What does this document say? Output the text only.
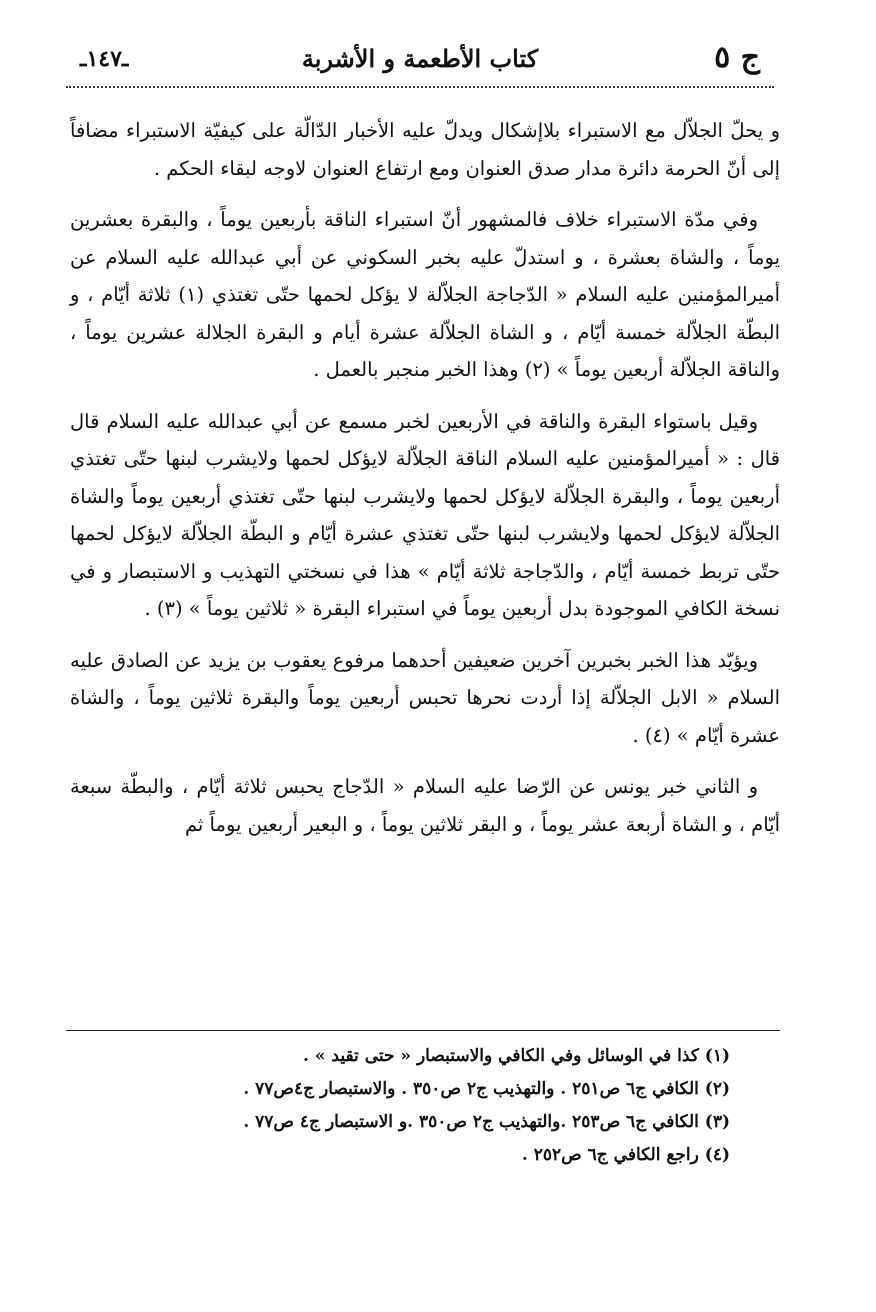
ج ٥
كتاب الأطعمة و الأشربة
ـ١٤٧ـ

و يحلّ الجلاّل مع الاستبراء بلاإشكال ويدلّ عليه الأخبار الدّالّة على كيفيّة الاستبراء مضافاً إلى أنّ الحرمة دائرة مدار صدق العنوان ومع ارتفاع العنوان لاوجه لبقاء الحكم .

وفي مدّة الاستبراء خلاف فالمشهور أنّ استبراء الناقة بأربعين يوماً ، والبقرة بعشرين يوماً ، والشاة بعشرة ، و استدلّ عليه بخبر السكوني عن أبي عبدالله عليه السلام عن أميرالمؤمنين عليه السلام « الدّجاجة الجلاّلة لا يؤكل لحمها حتّى تغتذي (١) ثلاثة أيّام ، و البطّة الجلاّلة خمسة أيّام ، و الشاة الجلاّلة عشرة أيام و البقرة الجلالة عشرين يوماً ، والناقة الجلاّلة أربعين يوماً » (٢) وهذا الخبر منجبر بالعمل .

وقيل باستواء البقرة والناقة في الأربعين لخبر مسمع عن أبي عبدالله عليه السلام قال قال : « أميرالمؤمنين عليه السلام الناقة الجلاّلة لايؤكل لحمها ولايشرب لبنها حتّى تغتذي أربعين يوماً ، والبقرة الجلاّلة لايؤكل لحمها ولايشرب لبنها حتّى تغتذي أربعين يوماً والشاة الجلاّلة لايؤكل لحمها ولايشرب لبنها حتّى تغتذي عشرة أيّام و البطّة الجلاّلة لايؤكل لحمها حتّى تربط خمسة أيّام ، والدّجاجة ثلاثة أيّام » هذا في نسختي التهذيب و الاستبصار و في نسخة الكافي الموجودة بدل أربعين يوماً في استبراء البقرة « ثلاثين يوماً » (٣) .

ويؤيّد هذا الخبر بخبرين آخرين ضعيفين أحدهما مرفوع يعقوب بن يزيد عن الصادق عليه السلام « الابل الجلاّلة إذا أردت نحرها تحبس أربعين يوماً والبقرة ثلاثين يوماً ، والشاة عشرة أيّام » (٤) .

و الثاني خبر يونس عن الرّضا عليه السلام « الدّجاج يحبس ثلاثة أيّام ، والبطّة سبعة أيّام ، و الشاة أربعة عشر يوماً ، و البقر ثلاثين يوماً ، و البعير أربعين يوماً ثم

(١) كذا في الوسائل وفي الكافي والاستبصار « حتى تقيد » .
(٢) الكافي ج٦ ص٢٥١ . والتهذيب ج٢ ص٣٥٠ . والاستبصار ج٤ص٧٧ .
(٣) الكافي ج٦ ص٢٥٣ .والتهذيب ج٢ ص٣٥٠ .و الاستبصار ج٤ ص٧٧ .
(٤) راجع الكافي ج٦ ص٢٥٢ .
